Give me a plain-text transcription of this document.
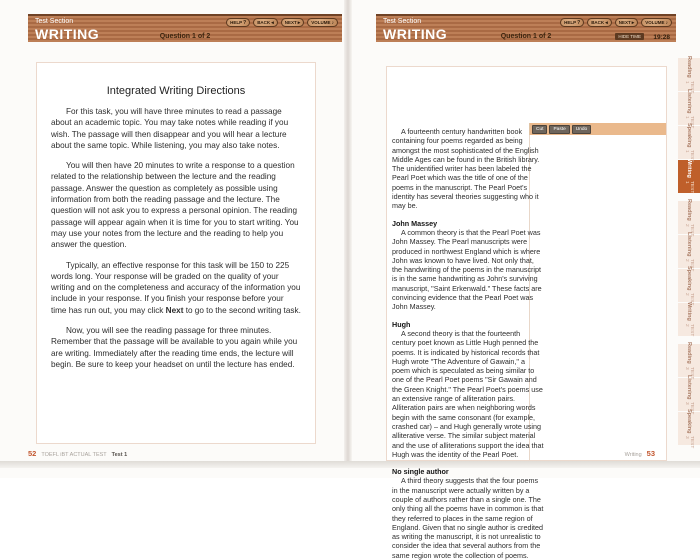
Test Section
WRITING
HELP ? BACK ◂ NEXT ▸ VOLUME ♪
Question 1 of 2
Test Section
WRITING
HELP ? BACK ◂ NEXT ▸ VOLUME ♪
Question 1 of 2	HIDE TIME	19:28
Integrated Writing Directions

For this task, you will have three minutes to read a passage about an academic topic. You may take notes while reading if you wish. The passage will then disappear and you will hear a lecture about the same topic. While listening, you may also take notes.

You will then have 20 minutes to write a response to a question related to the relationship between the lecture and the reading passage. Answer the question as completely as possible using information from both the reading passage and the lecture. The question will not ask you to express a personal opinion. The reading passage will appear again when it is time for you to start writing. You may use your notes from the lecture and the reading to help you answer the question.

Typically, an effective response for this task will be 150 to 225 words long. Your response will be graded on the quality of your writing and on the completeness and accuracy of the information you include in your response. If you finish your response before your time has run out, you may click Next to go to the second writing task.

Now, you will see the reading passage for three minutes. Remember that the passage will be available to you again while you are writing. Immediately after the reading time ends, the lecture will begin. Be sure to keep your headset on until the lecture has ended.

Cut	Paste	Undo

A fourteenth century handwritten book containing four poems regarded as being amongst the most sophisticated of the English Middle Ages can be found in the British library. The unidentified writer has been labeled the Pearl Poet which was the title of one of the poems in the manuscript. The Pearl Poet's identity has several theories suggesting who it may be.

John Massey

A common theory is that the Pearl Poet was John Massey. The Pearl manuscripts were produced in northwest England which is where John was known to have lived. Not only that, the handwriting of the poems in the manuscript is in the same handwriting as John's surviving manuscript, "Saint Erkenwald." These facts are convincing evidence that the Pearl Poet was John Massey.

Hugh

A second theory is that the fourteenth century poet known as Little Hugh penned the poems. It is indicated by historical records that Hugh wrote "The Adventure of Gawain," a poem which is speculated as being similar to one of the Pearl Poet poems "Sir Gawain and the Green Knight." The Pearl Poet's poems use an extensive range of alliteration pairs. Alliteration pairs are when neighboring words begin with the same consonant (for example, crashed car) – and Hugh generally wrote using alliterative verse. The similar subject material and the use of alliterations support the idea that Hugh was the identity of the Pearl Poet.

No single author

A third theory suggests that the four poems in the manuscript were actually written by a couple of authors rather than a single one. The only thing all the poems have in common is that they referred to places in the same region of England. Given that no single author is credited as writing the manuscript, it is not unrealistic to consider the idea that several authors from the same region wrote the collection of poems.

52 TOEFL iBT ACTUAL TEST Test 1	Writing 53
Reading
TEST 1
Listening
TEST 1
Speaking
TEST 1
Writing
TEST 1
Reading
TEST 2
Listening
TEST 2
Speaking
TEST 2
Writing
TEST 2
Reading
TEST 3
Listening
TEST 3
Speaking
TEST 3
